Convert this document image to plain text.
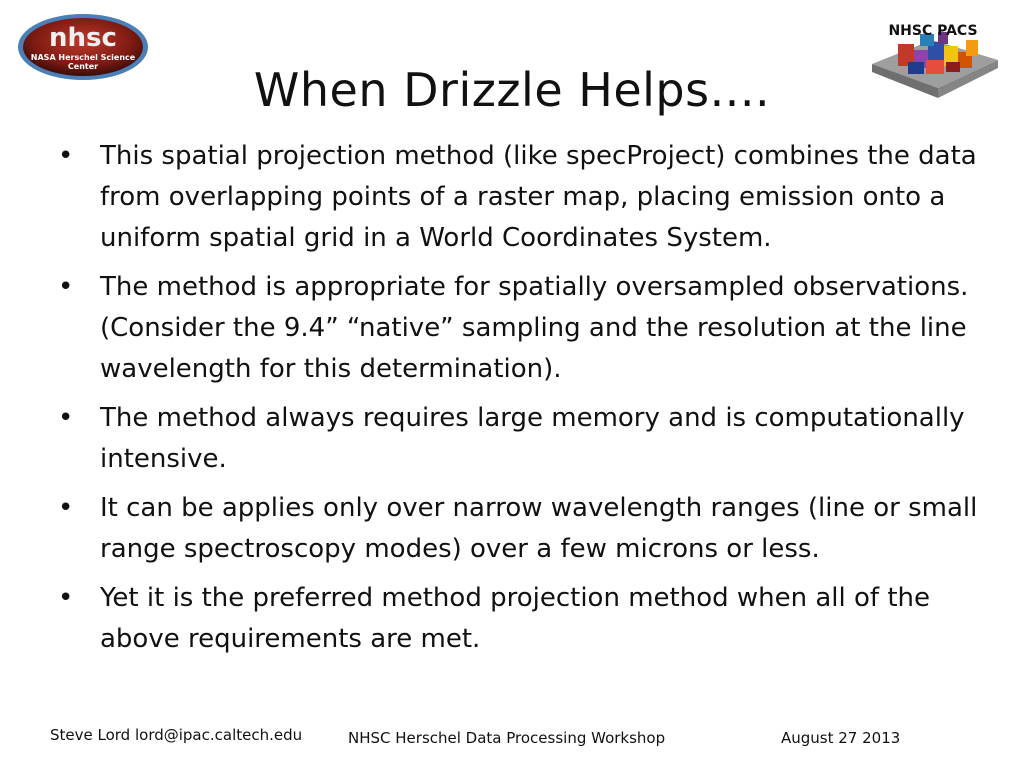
nhsc
NASA Herschel Science
Center
NHSC PACS
When Drizzle Helps....
• This spatial projection method (like specProject) combines the data from overlapping points of a raster map, placing emission onto a uniform spatial grid in a World Coordinates System.
• The method is appropriate for spatially oversampled observations. (Consider the 9.4” “native” sampling and the resolution at the line wavelength for this determination).
• The method always requires large memory and is computationally intensive.
• It can be applies only over narrow wavelength ranges (line or small range spectroscopy modes) over a few microns or less.
• Yet it is the preferred method projection method when all of the above requirements are met.
Steve Lord lord@ipac.caltech.edu	NHSC Herschel Data Processing Workshop	August 27 2013
